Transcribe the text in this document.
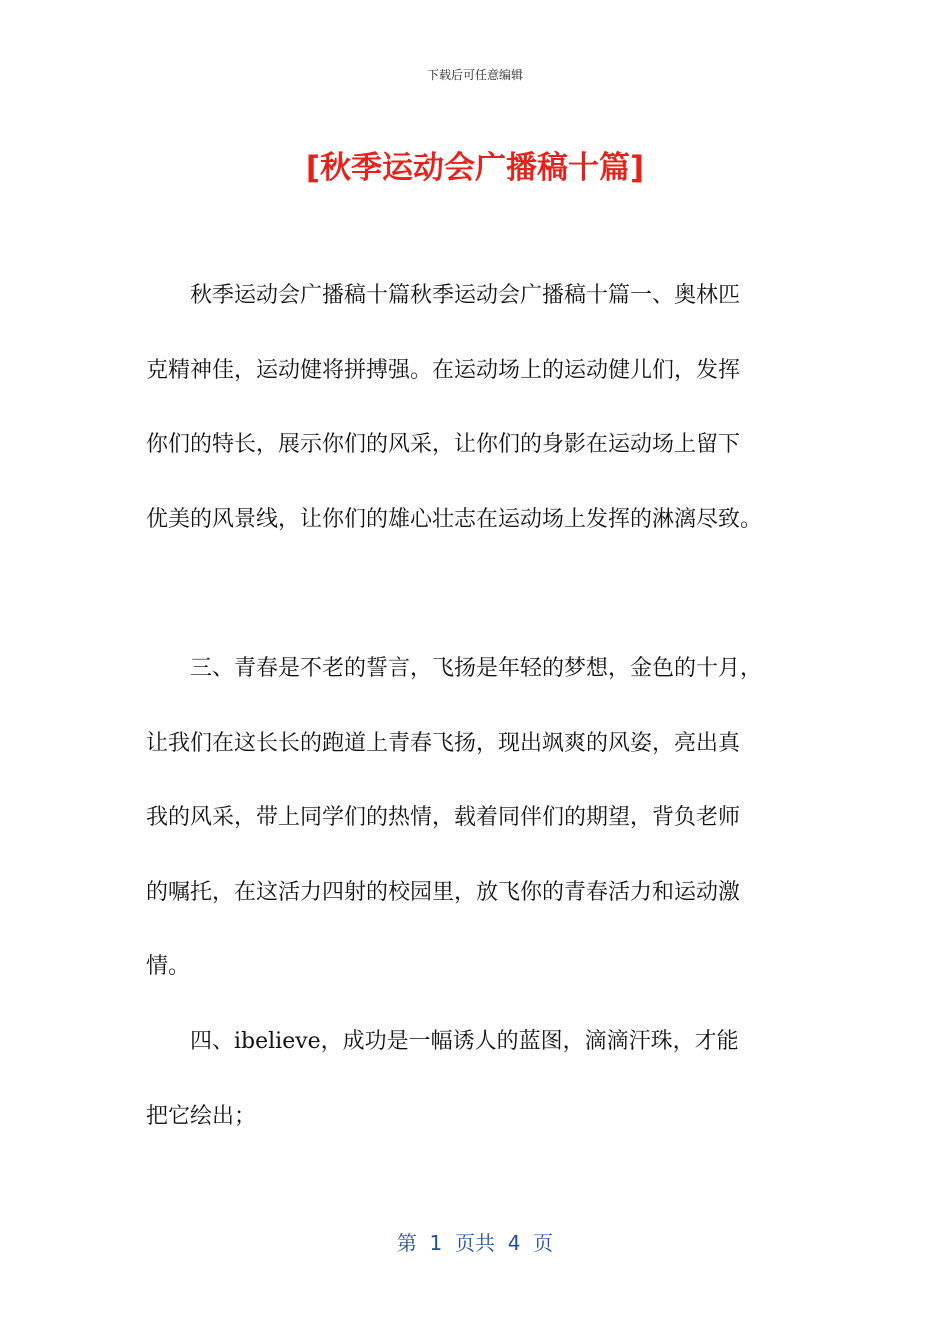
下载后可任意编辑
[秋季运动会广播稿十篇]
　　秋季运动会广播稿十篇秋季运动会广播稿十篇一、奥林匹
克精神佳，运动健将拼搏强。在运动场上的运动健儿们，发挥
你们的特长，展示你们的风采，让你们的身影在运动场上留下
优美的风景线，让你们的雄心壮志在运动场上发挥的淋漓尽致。
　　三、青春是不老的誓言，飞扬是年轻的梦想，金色的十月，
让我们在这长长的跑道上青春飞扬，现出飒爽的风姿，亮出真
我的风采，带上同学们的热情，载着同伴们的期望，背负老师
的嘱托，在这活力四射的校园里，放飞你的青春活力和运动激
情。
　　四、ibelieve，成功是一幅诱人的蓝图，滴滴汗珠，才能
把它绘出；
第  1  页共  4  页
